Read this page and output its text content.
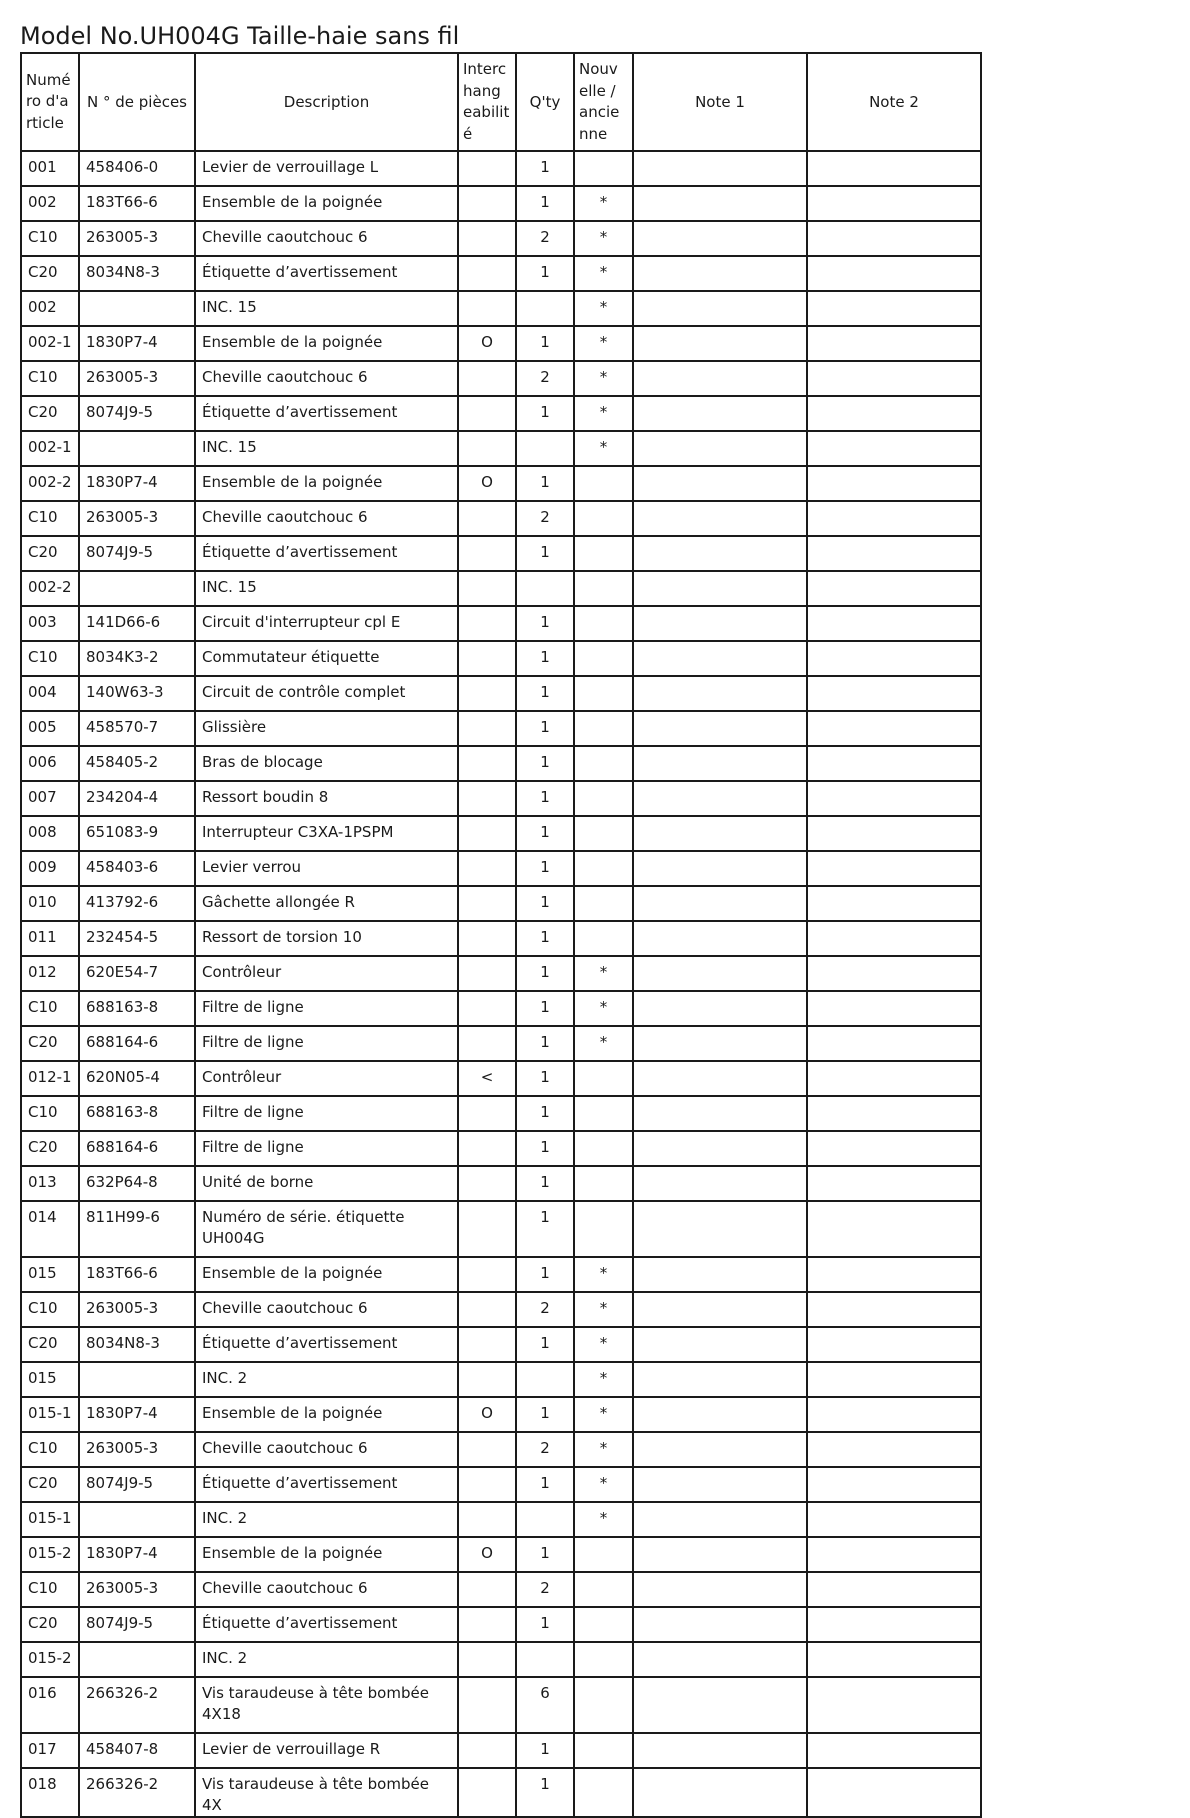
Model No.UH004G Taille-haie sans fil
Numé ro d'a rticle	N ° de pièces	Description	Interc hang eabilit é	Q'ty	Nouv elle / ancie nne	Note 1	Note 2
001	458406-0	Levier de verrouillage L		1			
002	183T66-6	Ensemble de la poignée		1	*		
C10	263005-3	Cheville caoutchouc 6		2	*		
C20	8034N8-3	Étiquette d’avertissement		1	*		
002		INC. 15			*		
002-1	1830P7-4	Ensemble de la poignée	O	1	*		
C10	263005-3	Cheville caoutchouc 6		2	*		
C20	8074J9-5	Étiquette d’avertissement		1	*		
002-1		INC. 15			*		
002-2	1830P7-4	Ensemble de la poignée	O	1			
C10	263005-3	Cheville caoutchouc 6		2			
C20	8074J9-5	Étiquette d’avertissement		1			
002-2		INC. 15					
003	141D66-6	Circuit d'interrupteur cpl E		1			
C10	8034K3-2	Commutateur étiquette		1			
004	140W63-3	Circuit de contrôle complet		1			
005	458570-7	Glissière		1			
006	458405-2	Bras de blocage		1			
007	234204-4	Ressort boudin 8		1			
008	651083-9	Interrupteur C3XA-1PSPM		1			
009	458403-6	Levier verrou		1			
010	413792-6	Gâchette allongée R		1			
011	232454-5	Ressort de torsion 10		1			
012	620E54-7	Contrôleur		1	*		
C10	688163-8	Filtre de ligne		1	*		
C20	688164-6	Filtre de ligne		1	*		
012-1	620N05-4	Contrôleur	<	1			
C10	688163-8	Filtre de ligne		1			
C20	688164-6	Filtre de ligne		1			
013	632P64-8	Unité de borne		1			
014	811H99-6	Numéro de série. étiquette UH004G		1			
015	183T66-6	Ensemble de la poignée		1	*		
C10	263005-3	Cheville caoutchouc 6		2	*		
C20	8034N8-3	Étiquette d’avertissement		1	*		
015		INC. 2			*		
015-1	1830P7-4	Ensemble de la poignée	O	1	*		
C10	263005-3	Cheville caoutchouc 6		2	*		
C20	8074J9-5	Étiquette d’avertissement		1	*		
015-1		INC. 2			*		
015-2	1830P7-4	Ensemble de la poignée	O	1			
C10	263005-3	Cheville caoutchouc 6		2			
C20	8074J9-5	Étiquette d’avertissement		1			
015-2		INC. 2					
016	266326-2	Vis taraudeuse à tête bombée 4X18		6			
017	458407-8	Levier de verrouillage R		1			
018	266326-2	Vis taraudeuse à tête bombée 4X		1			
